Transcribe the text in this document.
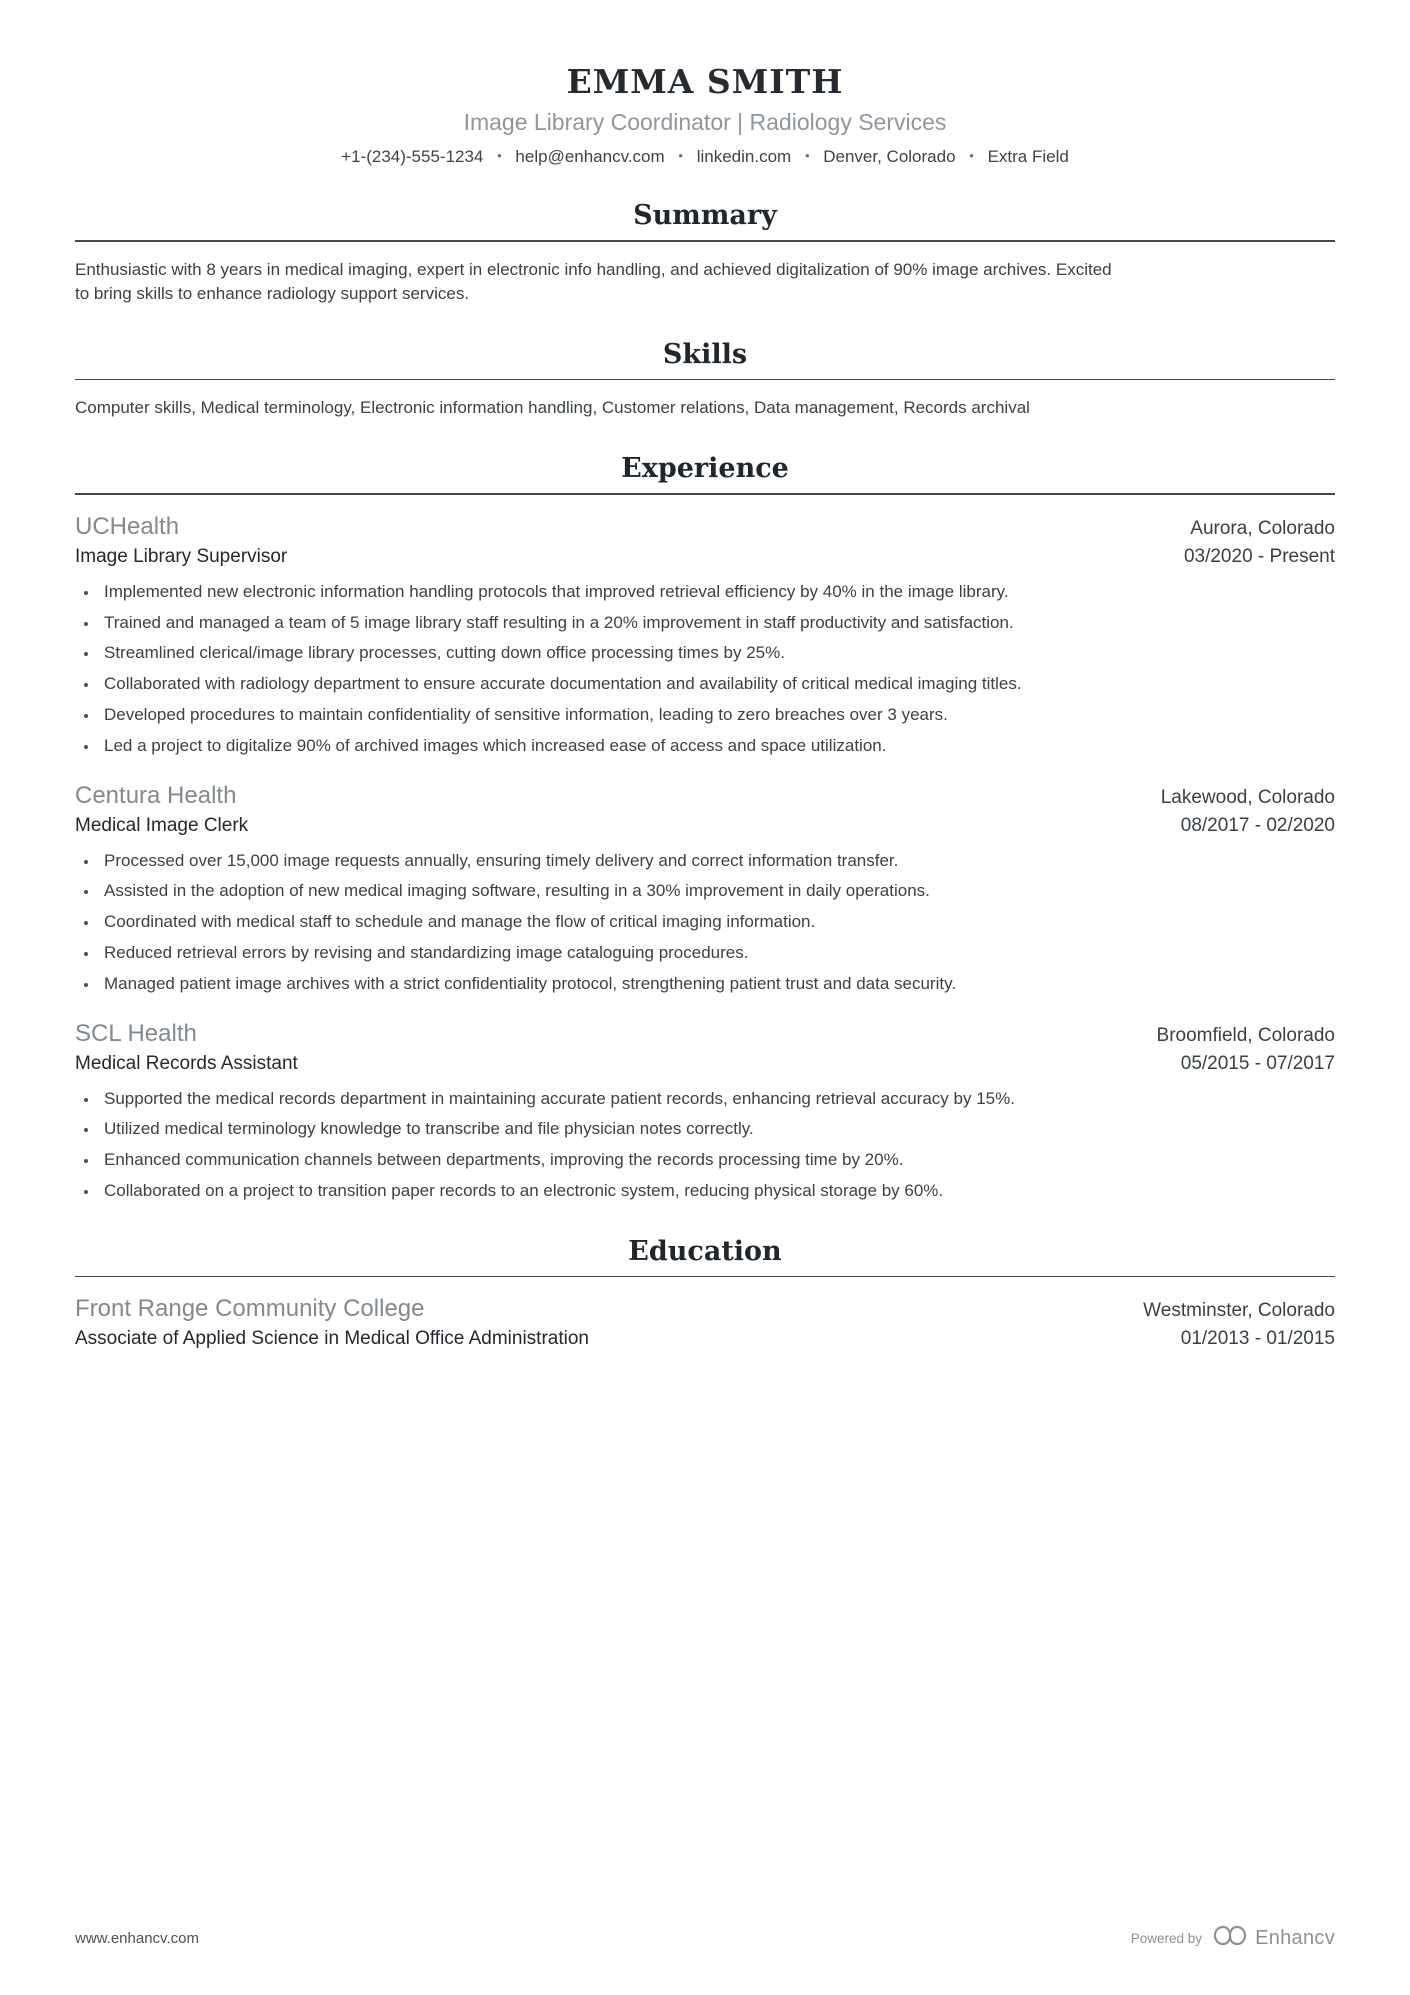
EMMA SMITH
Image Library Coordinator | Radiology Services
+1-(234)-555-1234 • help@enhancv.com • linkedin.com • Denver, Colorado • Extra Field
Summary

Enthusiastic with 8 years in medical imaging, expert in electronic info handling, and achieved digitalization of 90% image archives. Excited to bring skills to enhance radiology support services.

Skills

Computer skills, Medical terminology, Electronic information handling, Customer relations, Data management, Records archival

Experience
UCHealth	Aurora, Colorado
Image Library Supervisor	03/2020 - Present
• Implemented new electronic information handling protocols that improved retrieval efficiency by 40% in the image library.
• Trained and managed a team of 5 image library staff resulting in a 20% improvement in staff productivity and satisfaction.
• Streamlined clerical/image library processes, cutting down office processing times by 25%.
• Collaborated with radiology department to ensure accurate documentation and availability of critical medical imaging titles.
• Developed procedures to maintain confidentiality of sensitive information, leading to zero breaches over 3 years.
• Led a project to digitalize 90% of archived images which increased ease of access and space utilization.
Centura Health	Lakewood, Colorado
Medical Image Clerk	08/2017 - 02/2020
• Processed over 15,000 image requests annually, ensuring timely delivery and correct information transfer.
• Assisted in the adoption of new medical imaging software, resulting in a 30% improvement in daily operations.
• Coordinated with medical staff to schedule and manage the flow of critical imaging information.
• Reduced retrieval errors by revising and standardizing image cataloguing procedures.
• Managed patient image archives with a strict confidentiality protocol, strengthening patient trust and data security.
SCL Health	Broomfield, Colorado
Medical Records Assistant	05/2015 - 07/2017
• Supported the medical records department in maintaining accurate patient records, enhancing retrieval accuracy by 15%.
• Utilized medical terminology knowledge to transcribe and file physician notes correctly.
• Enhanced communication channels between departments, improving the records processing time by 20%.
• Collaborated on a project to transition paper records to an electronic system, reducing physical storage by 60%.
Education
Front Range Community College	Westminster, Colorado
Associate of Applied Science in Medical Office Administration	01/2013 - 01/2015
www.enhancv.com	Powered by	Enhancv
